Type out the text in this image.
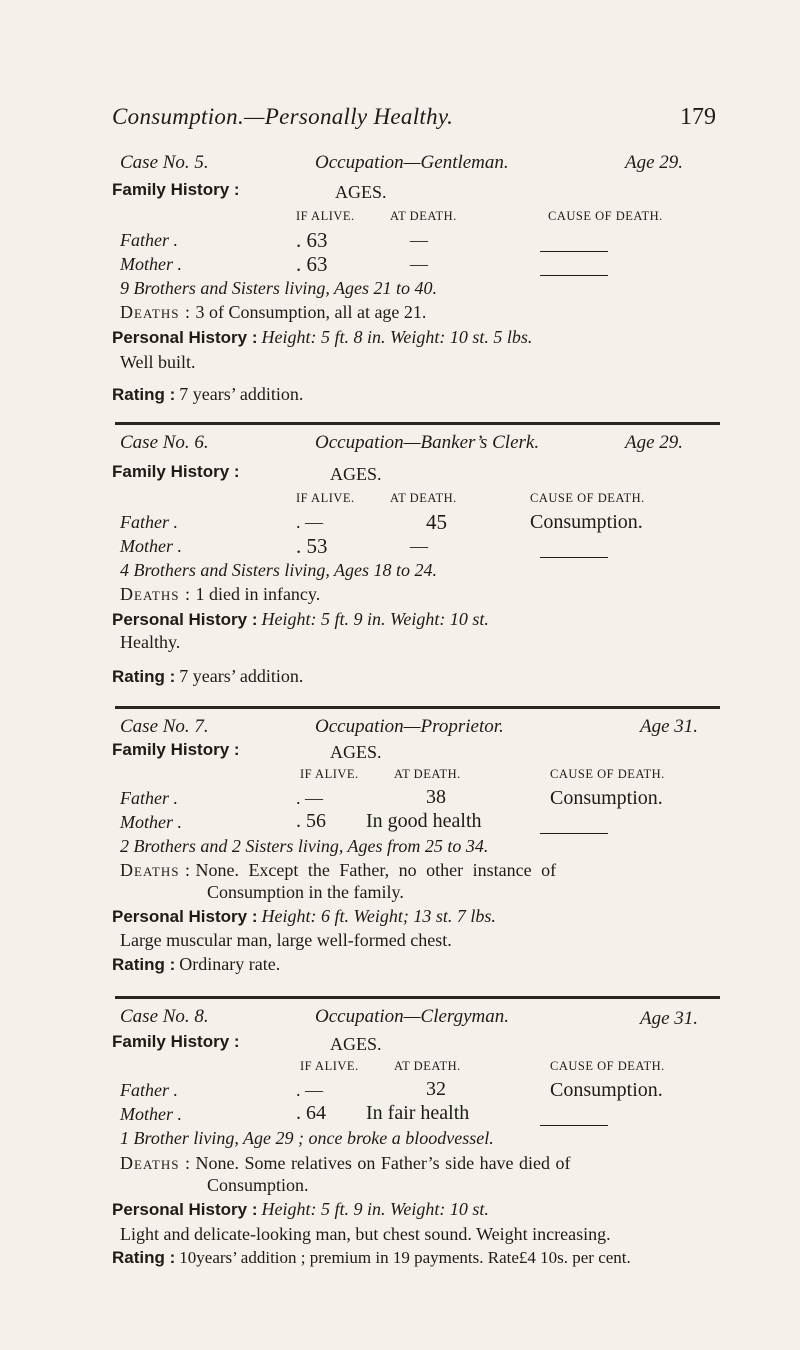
Consumption.—Personally Healthy.	179
Case No. 5.	Occupation—Gentleman.	Age 29.
Family History :	AGES.
IF ALIVE.	AT DEATH.	CAUSE OF DEATH.
Father .	. 63	—
Mother .	. 63	—
9 Brothers and Sisters living, Ages 21 to 40.
Deaths : 3 of Consumption, all at age 21.
Personal History : Height: 5 ft. 8 in. Weight: 10 st. 5 lbs.
Well built.
Rating : 7 years’ addition.
Case No. 6.	Occupation—Banker’s Clerk.	Age 29.
Family History :	AGES.
IF ALIVE.	AT DEATH.	CAUSE OF DEATH.
Father .	. —	45	Consumption.
Mother .	. 53	—
4 Brothers and Sisters living, Ages 18 to 24.
Deaths : 1 died in infancy.
Personal History : Height: 5 ft. 9 in. Weight: 10 st.
Healthy.
Rating : 7 years’ addition.
Case No. 7.	Occupation—Proprietor.	Age 31.
Family History :	AGES.
IF ALIVE.	AT DEATH.	CAUSE OF DEATH.
Father .	. —	38	Consumption.
Mother .	. 56 In good health
2 Brothers and 2 Sisters living, Ages from 25 to 34.
Deaths : None. Except the Father, no other instance of
Consumption in the family.
Personal History : Height: 6 ft. Weight; 13 st. 7 lbs.
Large muscular man, large well-formed chest.
Rating : Ordinary rate.
Case No. 8.	Occupation—Clergyman.	Age 31.
Family History :	AGES.
IF ALIVE.	AT DEATH.	CAUSE OF DEATH.
Father .	. —	32	Consumption.
Mother .	. 64 In fair health
1 Brother living, Age 29 ; once broke a bloodvessel.
Deaths : None. Some relatives on Father’s side have died of
Consumption.
Personal History : Height: 5 ft. 9 in. Weight: 10 st.
Light and delicate-looking man, but chest sound. Weight increasing.
Rating : 10years’ addition ; premium in 19 payments. Rate£4 10s. per cent.
